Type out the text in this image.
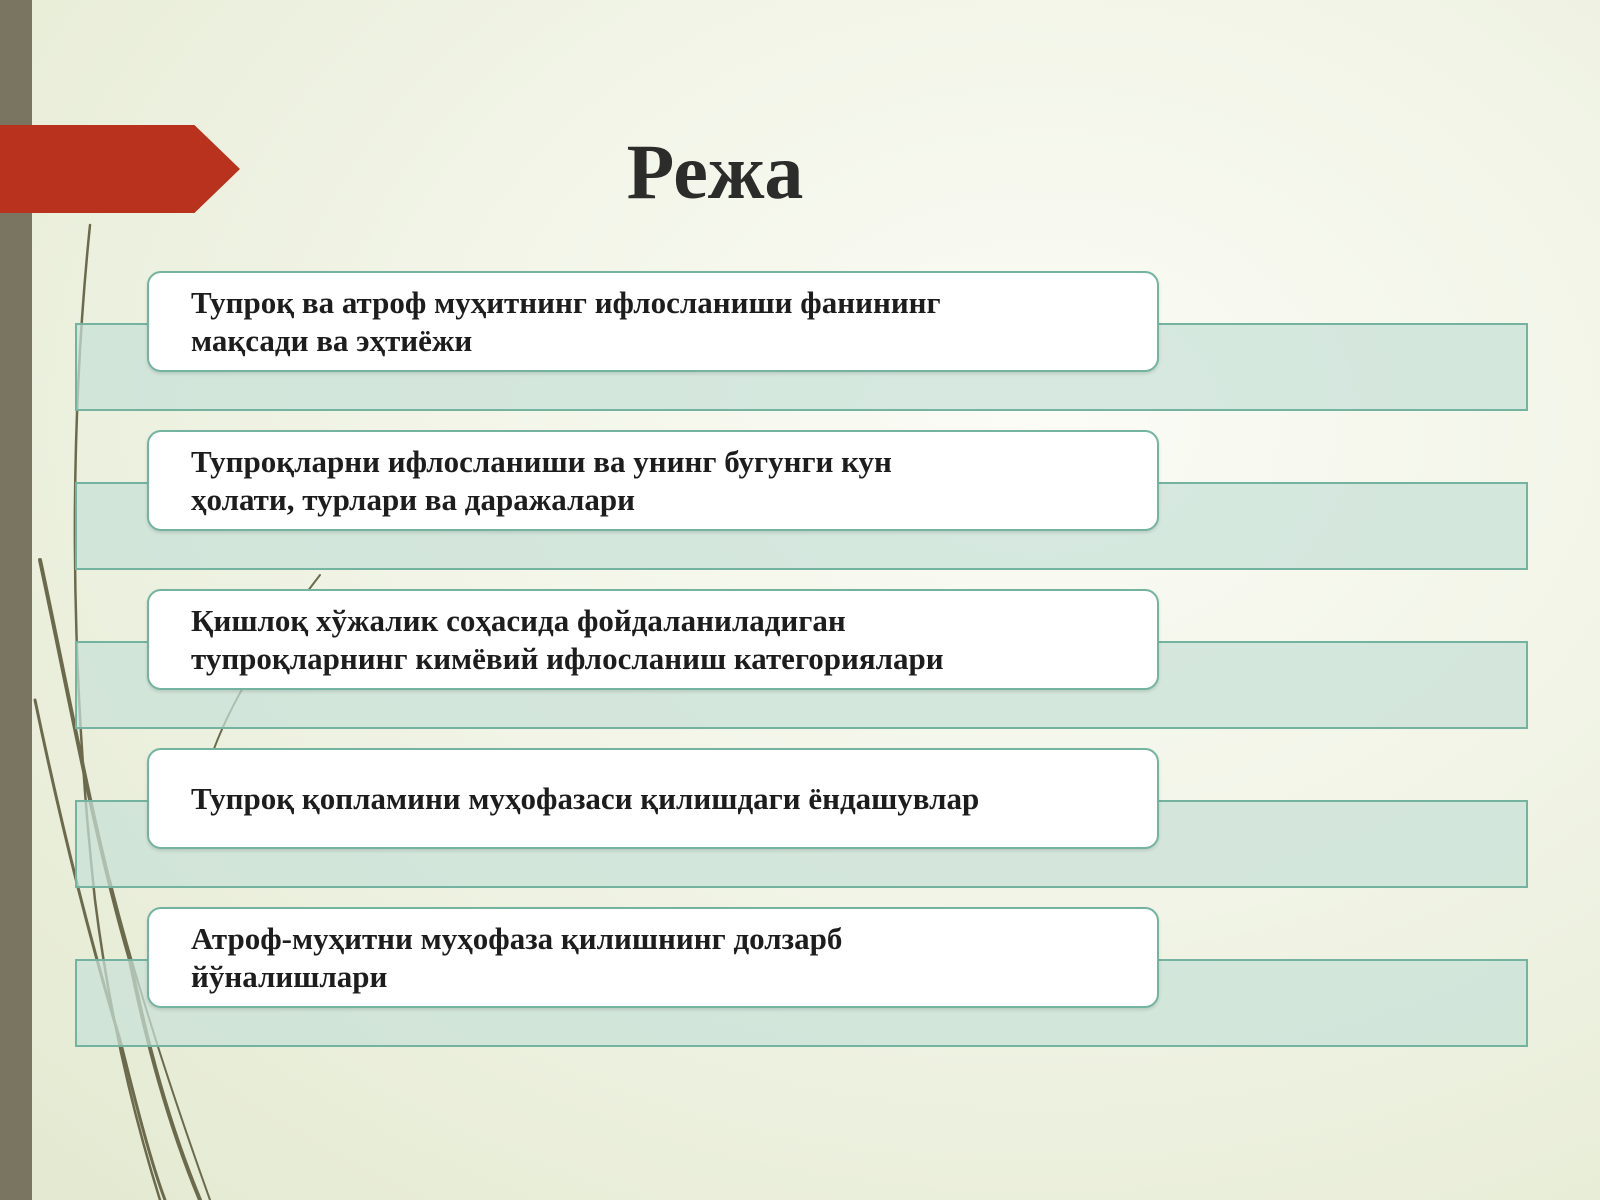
Режа
Тупроқ ва атроф муҳитнинг ифлосланиши фанининг
мақсади ва эҳтиёжи
Тупроқларни ифлосланиши ва унинг бугунги кун
ҳолати, турлари ва даражалари
Қишлоқ хўжалик соҳасида фойдаланиладиган
тупроқларнинг кимёвий ифлосланиш категориялари
Тупроқ қопламини муҳофазаси қилишдаги ёндашувлар
Атроф-муҳитни муҳофаза қилишнинг долзарб
йўналишлари
